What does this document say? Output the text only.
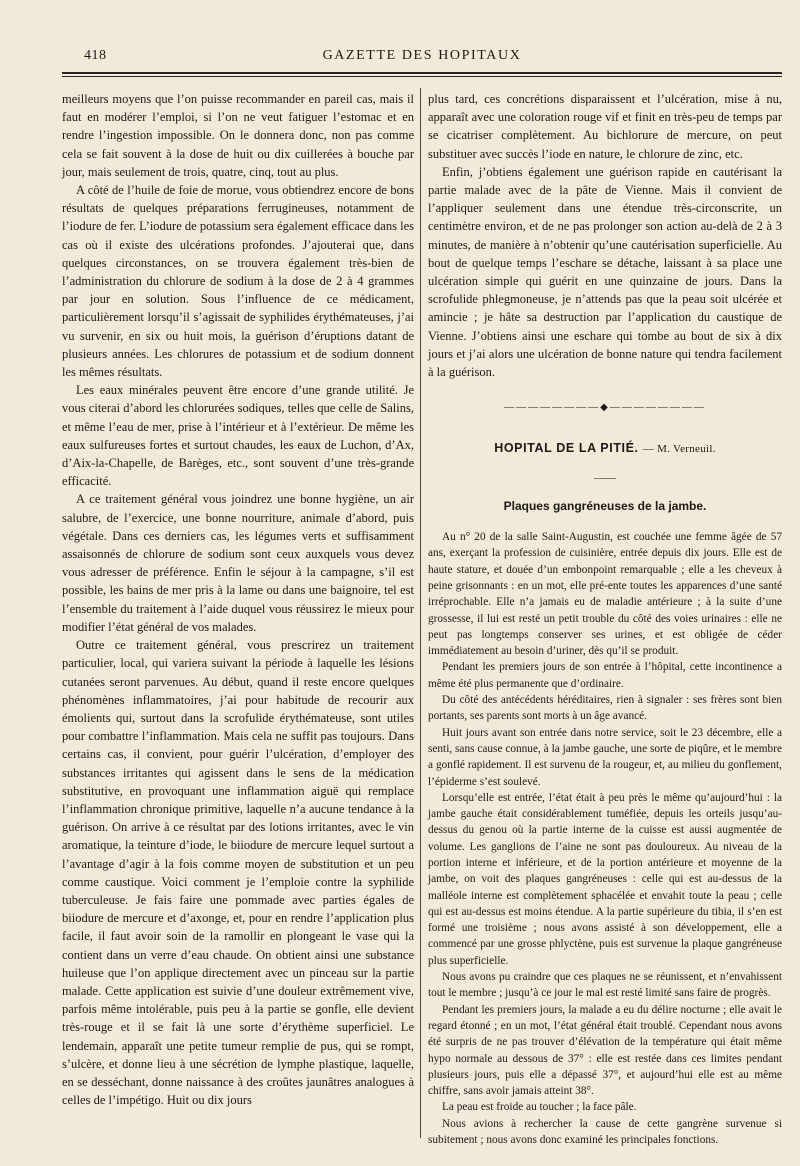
418	GAZETTE DES HOPITAUX

meilleurs moyens que l’on puisse recommander en pareil cas, mais il faut en modérer l’emploi, si l’on ne veut fatiguer l’estomac et en rendre l’ingestion impossible. On le donnera donc, non pas comme cela se fait souvent à la dose de huit ou dix cuillerées à bouche par jour, mais seulement de trois, quatre, cinq, tout au plus.

A côté de l’huile de foie de morue, vous obtiendrez encore de bons résultats de quelques préparations ferrugineuses, notamment de l’iodure de fer. L’iodure de potassium sera également efficace dans les cas où il existe des ulcérations profondes. J’ajouterai que, dans quelques circonstances, on se trouvera également très-bien de l’administration du chlorure de sodium à la dose de 2 à 4 grammes par jour en solution. Sous l’influence de ce médicament, particulièrement lorsqu’il s’agissait de syphilides érythémateuses, j’ai vu survenir, en six ou huit mois, la guérison d’éruptions datant de plusieurs années. Les chlorures de potassium et de sodium donnent les mêmes résultats.

Les eaux minérales peuvent être encore d’une grande utilité. Je vous citerai d’abord les chlorurées sodiques, telles que celle de Salins, et même l’eau de mer, prise à l’intérieur et à l’extérieur. De même les eaux sulfureuses fortes et surtout chaudes, les eaux de Luchon, d’Ax, d’Aix-la-Chapelle, de Barèges, etc., sont souvent d’une très-grande efficacité.

A ce traitement général vous joindrez une bonne hygiène, un air salubre, de l’exercice, une bonne nourriture, animale d’abord, puis végétale. Dans ces derniers cas, les légumes verts et suffisamment assaisonnés de chlorure de sodium sont ceux auxquels vous devez vous adresser de préférence. Enfin le séjour à la campagne, s’il est possible, les bains de mer pris à la lame ou dans une baignoire, tel est l’ensemble du traitement à l’aide duquel vous réussirez le mieux pour modifier l’état général de vos malades.

Outre ce traitement général, vous prescrirez un traitement particulier, local, qui variera suivant la période à laquelle les lésions cutanées seront parvenues. Au début, quand il reste encore quelques phénomènes inflammatoires, j’ai pour habitude de recourir aux émolients qui, surtout dans la scrofulide érythémateuse, sont utiles pour combattre l’inflammation. Mais cela ne suffit pas toujours. Dans certains cas, il convient, pour guérir l’ulcération, d’employer des substances irritantes qui agissent dans le sens de la médication substitutive, en provoquant une inflammation aiguë qui remplace l’inflammation chronique primitive, laquelle n’a aucune tendance à la guérison. On arrive à ce résultat par des lotions irritantes, avec le vin aromatique, la teinture d’iode, le biiodure de mercure lequel surtout a l’avantage d’agir à la fois comme moyen de substitution et un peu comme caustique. Voici comment je l’emploie contre la syphilide tuberculeuse. Je fais faire une pommade avec parties égales de biiodure de mercure et d’axonge, et, pour en rendre l’application plus facile, il faut avoir soin de la ramollir en plongeant le vase qui la contient dans un verre d’eau chaude. On obtient ainsi une substance huileuse que l’on applique directement avec un pinceau sur la partie malade. Cette application est suivie d’une douleur extrêmement vive, parfois même intolérable, puis peu à la partie se gonfle, elle devient très-rouge et il se fait là une sorte d’érythème superficiel. Le lendemain, apparaît une petite tumeur remplie de pus, qui se rompt, s’ulcère, et donne lieu à une sécrétion de lymphe plastique, laquelle, en se desséchant, donne naissance à des croûtes jaunâtres analogues à celles de l’impétigo. Huit ou dix jours

plus tard, ces concrétions disparaissent et l’ulcération, mise à nu, apparaît avec une coloration rouge vif et finit en très-peu de temps par se cicatriser complètement. Au bichlorure de mercure, on peut substituer avec succès l’iode en nature, le chlorure de zinc, etc.

Enfin, j’obtiens également une guérison rapide en cautérisant la partie malade avec de la pâte de Vienne. Mais il convient de l’appliquer seulement dans une étendue très-circonscrite, un centimètre environ, et de ne pas prolonger son action au-delà de 2 à 3 minutes, de manière à n’obtenir qu’une cautérisation superficielle. Au bout de quelque temps l’eschare se détache, laissant à sa place une ulcération simple qui guérit en une quinzaine de jours. Dans la scrofulide phlegmoneuse, je n’attends pas que la peau soit ulcérée et amincie ; je hâte sa destruction par l’application du caustique de Vienne. J’obtiens ainsi une eschare qui tombe au bout de six à dix jours et j’ai alors une ulcération de bonne nature qui tendra facilement à la guérison.

————————◆————————
HOPITAL DE LA PITIÉ. — M. Verneuil.
——
Plaques gangréneuses de la jambe.

Au n° 20 de la salle Saint-Augustin, est couchée une femme âgée de 57 ans, exerçant la profession de cuisinière, entrée depuis dix jours. Elle est de haute stature, et douée d’un embonpoint remarquable ; elle a les cheveux à peine grisonnants : en un mot, elle pré-ente toutes les apparences d’une santé irréprochable. Elle n’a jamais eu de maladie antérieure ; à la suite d’une grossesse, il lui est resté un petit trouble du côté des voies urinaires : elle ne peut pas longtemps conserver ses urines, et est obligée de céder immédiatement au besoin d’uriner, dès qu’il se produit.

Pendant les premiers jours de son entrée à l’hôpital, cette incontinence a même été plus permanente que d’ordinaire.

Du côté des antécédents héréditaires, rien à signaler : ses frères sont bien portants, ses parents sont morts à un âge avancé.

Huit jours avant son entrée dans notre service, soit le 23 décembre, elle a senti, sans cause connue, à la jambe gauche, une sorte de piqûre, et le membre a gonflé rapidement. Il est survenu de la rougeur, et, au milieu du gonflement, l’épiderme s’est soulevé.

Lorsqu’elle est entrée, l’état était à peu près le même qu’aujourd’hui : la jambe gauche était considérablement tuméfiée, depuis les orteils jusqu’au-dessus du genou où la partie interne de la cuisse est aussi augmentée de volume. Les ganglions de l’aine ne sont pas douloureux. Au niveau de la portion interne et inférieure, et de la portion antérieure et moyenne de la jambe, on voit des plaques gangréneuses : celle qui est au-dessus de la malléole interne est complètement sphacélée et envahit toute la peau ; celle qui est au-dessus est moins étendue. A la partie supérieure du tibia, il s’en est formé une troisième ; nous avons assisté à son développement, elle a commencé par une grosse phlyctène, puis est survenue la plaque gangréneuse plus superficielle.

Nous avons pu craindre que ces plaques ne se réunissent, et n’envahissent tout le membre ; jusqu’à ce jour le mal est resté limité sans faire de progrès.

Pendant les premiers jours, la malade a eu du délire nocturne ; elle avait le regard étonné ; en un mot, l’état général était troublé. Cependant nous avons été surpris de ne pas trouver d’élévation de la température qui était même hypo normale au dessous de 37° : elle est restée dans ces limites pendant plusieurs jours, puis elle a dépassé 37°, et aujourd’hui elle est au même chiffre, sans avoir jamais atteint 38°.

La peau est froide au toucher ; la face pâle.

Nous avions à rechercher la cause de cette gangrène survenue si subitement ; nous avons donc examiné les principales fonctions.
